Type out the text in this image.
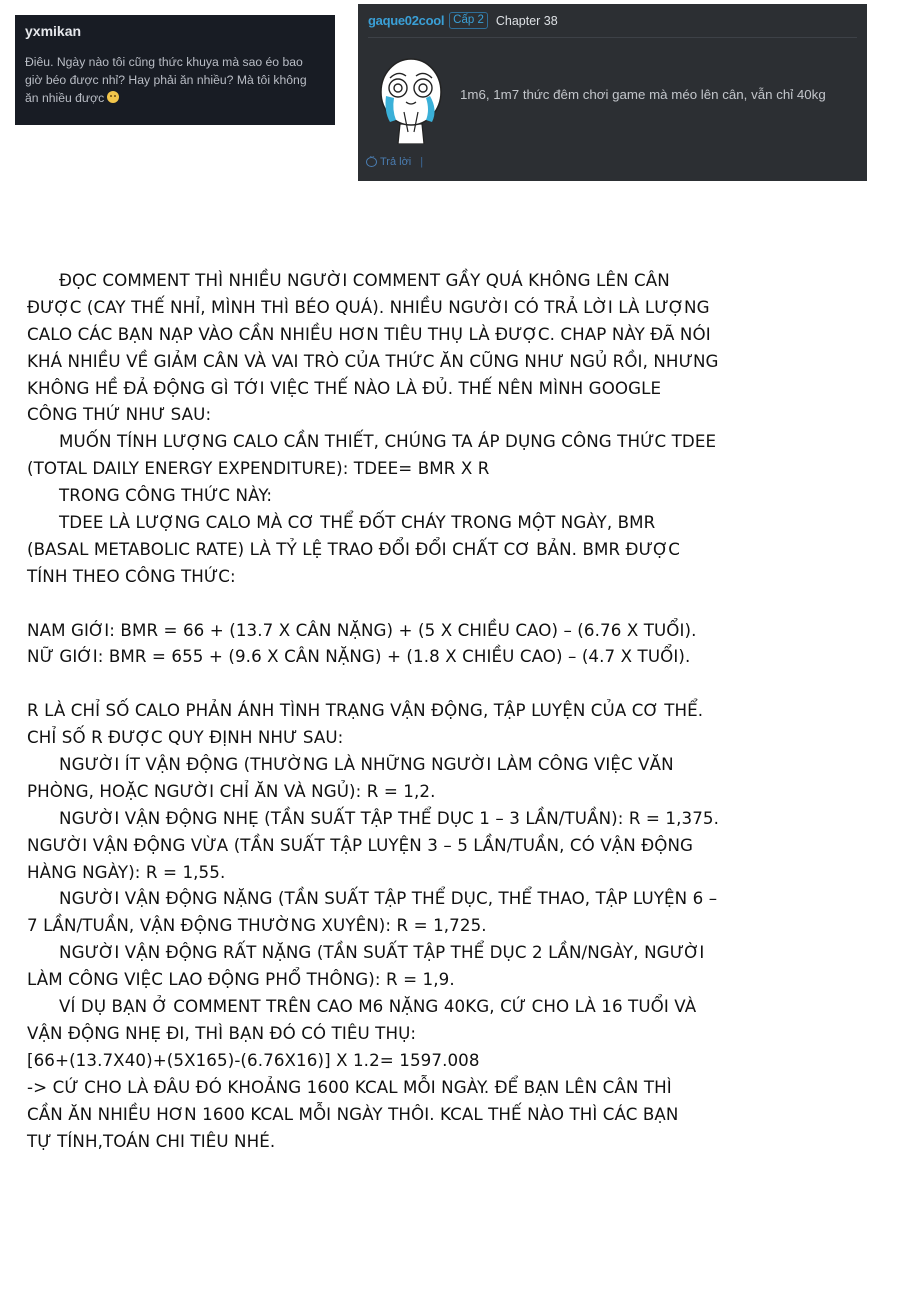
yxmikan
Điêu. Ngày nào tôi cũng thức khuya mà sao éo bao
giờ béo được nhỉ? Hay phải ăn nhiều? Mà tôi không
ăn nhiều được
gaque02cool Cấp 2 Chapter 38
1m6, 1m7 thức đêm chơi game mà méo lên cân, vẫn chỉ 40kg
···
Trả lời |
ĐỌC COMMENT THÌ NHIỀU NGƯỜI COMMENT GẦY QUÁ KHÔNG LÊN CÂN
ĐƯỢC (CAY THẾ NHỈ, MÌNH THÌ BÉO QUÁ). NHIỀU NGƯỜI CÓ TRẢ LỜI LÀ LƯỢNG
CALO CÁC BẠN NẠP VÀO CẦN NHIỀU HƠN TIÊU THỤ LÀ ĐƯỢC. CHAP NÀY ĐÃ NÓI
KHÁ NHIỀU VỀ GIẢM CÂN VÀ VAI TRÒ CỦA THỨC ĂN CŨNG NHƯ NGỦ RỒI, NHƯNG
KHÔNG HỀ ĐẢ ĐỘNG GÌ TỚI VIỆC THẾ NÀO LÀ ĐỦ. THẾ NÊN MÌNH GOOGLE
CÔNG THỨ NHƯ SAU:
MUỐN TÍNH LƯỢNG CALO CẦN THIẾT, CHÚNG TA ÁP DỤNG CÔNG THỨC TDEE
(TOTAL DAILY ENERGY EXPENDITURE): TDEE= BMR X R
TRONG CÔNG THỨC NÀY:
TDEE LÀ LƯỢNG CALO MÀ CƠ THỂ ĐỐT CHÁY TRONG MỘT NGÀY, BMR
(BASAL METABOLIC RATE) LÀ TỶ LỆ TRAO ĐỔI ĐỔI CHẤT CƠ BẢN. BMR ĐƯỢC
TÍNH THEO CÔNG THỨC:
NAM GIỚI: BMR = 66 + (13.7 X CÂN NẶNG) + (5 X CHIỀU CAO) – (6.76 X TUỔI).
NỮ GIỚI: BMR = 655 + (9.6 X CÂN NẶNG) + (1.8 X CHIỀU CAO) – (4.7 X TUỔI).
R LÀ CHỈ SỐ CALO PHẢN ÁNH TÌNH TRẠNG VẬN ĐỘNG, TẬP LUYỆN CỦA CƠ THỂ.
CHỈ SỐ R ĐƯỢC QUY ĐỊNH NHƯ SAU:
NGƯỜI ÍT VẬN ĐỘNG (THƯỜNG LÀ NHỮNG NGƯỜI LÀM CÔNG VIỆC VĂN
PHÒNG, HOẶC NGƯỜI CHỈ ĂN VÀ NGỦ): R = 1,2.
NGƯỜI VẬN ĐỘNG NHẸ (TẦN SUẤT TẬP THỂ DỤC 1 – 3 LẦN/TUẦN): R = 1,375.
NGƯỜI VẬN ĐỘNG VỪA (TẦN SUẤT TẬP LUYỆN 3 – 5 LẦN/TUẦN, CÓ VẬN ĐỘNG
HÀNG NGÀY): R = 1,55.
NGƯỜI VẬN ĐỘNG NẶNG (TẦN SUẤT TẬP THỂ DỤC, THỂ THAO, TẬP LUYỆN 6 –
7 LẦN/TUẦN, VẬN ĐỘNG THƯỜNG XUYÊN): R = 1,725.
NGƯỜI VẬN ĐỘNG RẤT NẶNG (TẦN SUẤT TẬP THỂ DỤC 2 LẦN/NGÀY, NGƯỜI
LÀM CÔNG VIỆC LAO ĐỘNG PHỔ THÔNG): R = 1,9.
VÍ DỤ BẠN Ở COMMENT TRÊN CAO M6 NẶNG 40KG, CỨ CHO LÀ 16 TUỔI VÀ
VẬN ĐỘNG NHẸ ĐI, THÌ BẠN ĐÓ CÓ TIÊU THỤ:
[66+(13.7X40)+(5X165)-(6.76X16)] X 1.2= 1597.008
-> CỨ CHO LÀ ĐÂU ĐÓ KHOẢNG 1600 KCAL MỖI NGÀY. ĐỂ BẠN LÊN CÂN THÌ
CẦN ĂN NHIỀU HƠN 1600 KCAL MỖI NGÀY THÔI. KCAL THẾ NÀO THÌ CÁC BẠN
TỰ TÍNH,TOÁN CHI TIÊU NHÉ.
